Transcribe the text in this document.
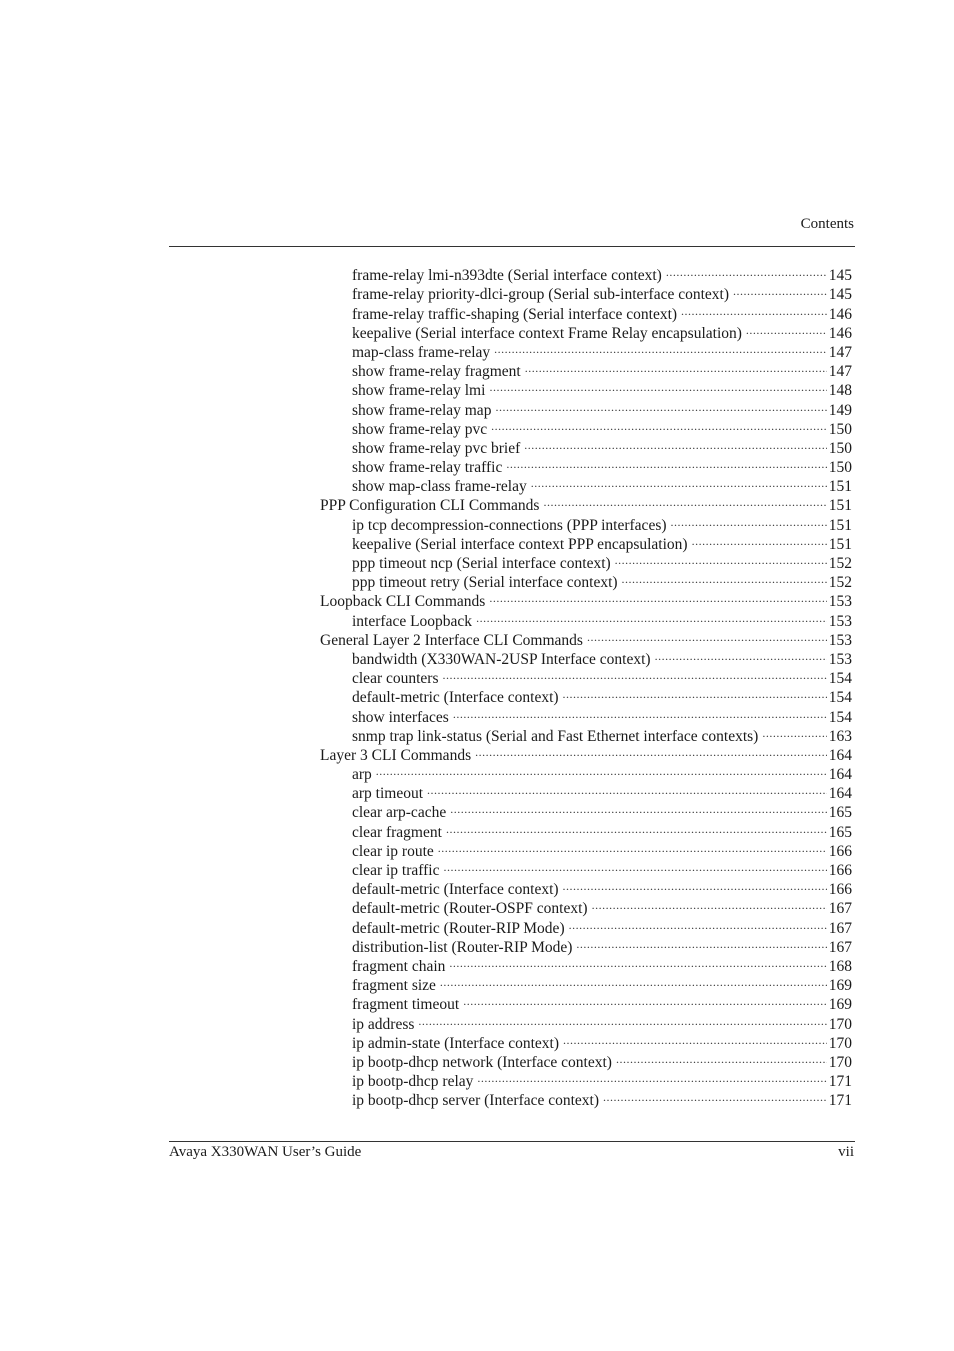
Contents
frame-relay lmi-n393dte (Serial interface context) .....	145
frame-relay priority-dlci-group (Serial sub-interface context) .....	145
frame-relay traffic-shaping (Serial interface context) .....	146
keepalive (Serial interface context Frame Relay encapsulation) .....	146
map-class frame-relay .....	147
show frame-relay fragment .....	147
show frame-relay lmi .....	148
show frame-relay map .....	149
show frame-relay pvc .....	150
show frame-relay pvc brief .....	150
show frame-relay traffic .....	150
show map-class frame-relay .....	151
PPP Configuration CLI Commands .....	151
ip tcp decompression-connections (PPP interfaces) .....	151
keepalive (Serial interface context PPP encapsulation) .....	151
ppp timeout ncp (Serial interface context) .....	152
ppp timeout retry (Serial interface context) .....	152
Loopback CLI Commands .....	153
interface Loopback .....	153
General Layer 2 Interface CLI Commands .....	153
bandwidth (X330WAN-2USP Interface context) .....	153
clear counters .....	154
default-metric (Interface context) .....	154
show interfaces .....	154
snmp trap link-status (Serial and Fast Ethernet interface contexts) .....	163
Layer 3 CLI Commands .....	164
arp .....	164
arp timeout .....	164
clear arp-cache .....	165
clear fragment .....	165
clear ip route .....	166
clear ip traffic .....	166
default-metric (Interface context) .....	166
default-metric (Router-OSPF context) .....	167
default-metric (Router-RIP Mode) .....	167
distribution-list (Router-RIP Mode) .....	167
fragment chain .....	168
fragment size .....	169
fragment timeout .....	169
ip address .....	170
ip admin-state (Interface context) .....	170
ip bootp-dhcp network (Interface context) .....	170
ip bootp-dhcp relay .....	171
ip bootp-dhcp server (Interface context) .....	171
Avaya X330WAN User’s Guide	vii
